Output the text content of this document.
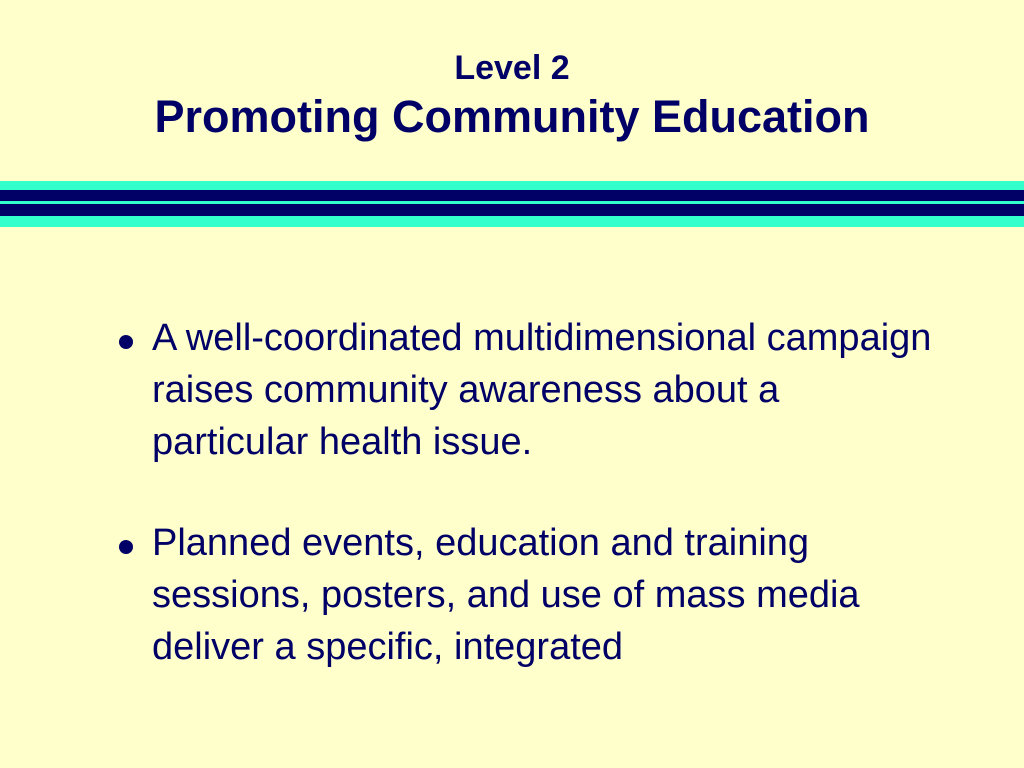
Level 2
Promoting Community Education
A well-coordinated multidimensional campaign raises community awareness about a particular health issue.
Planned events, education and training sessions, posters, and use of mass media deliver a specific, integrated
